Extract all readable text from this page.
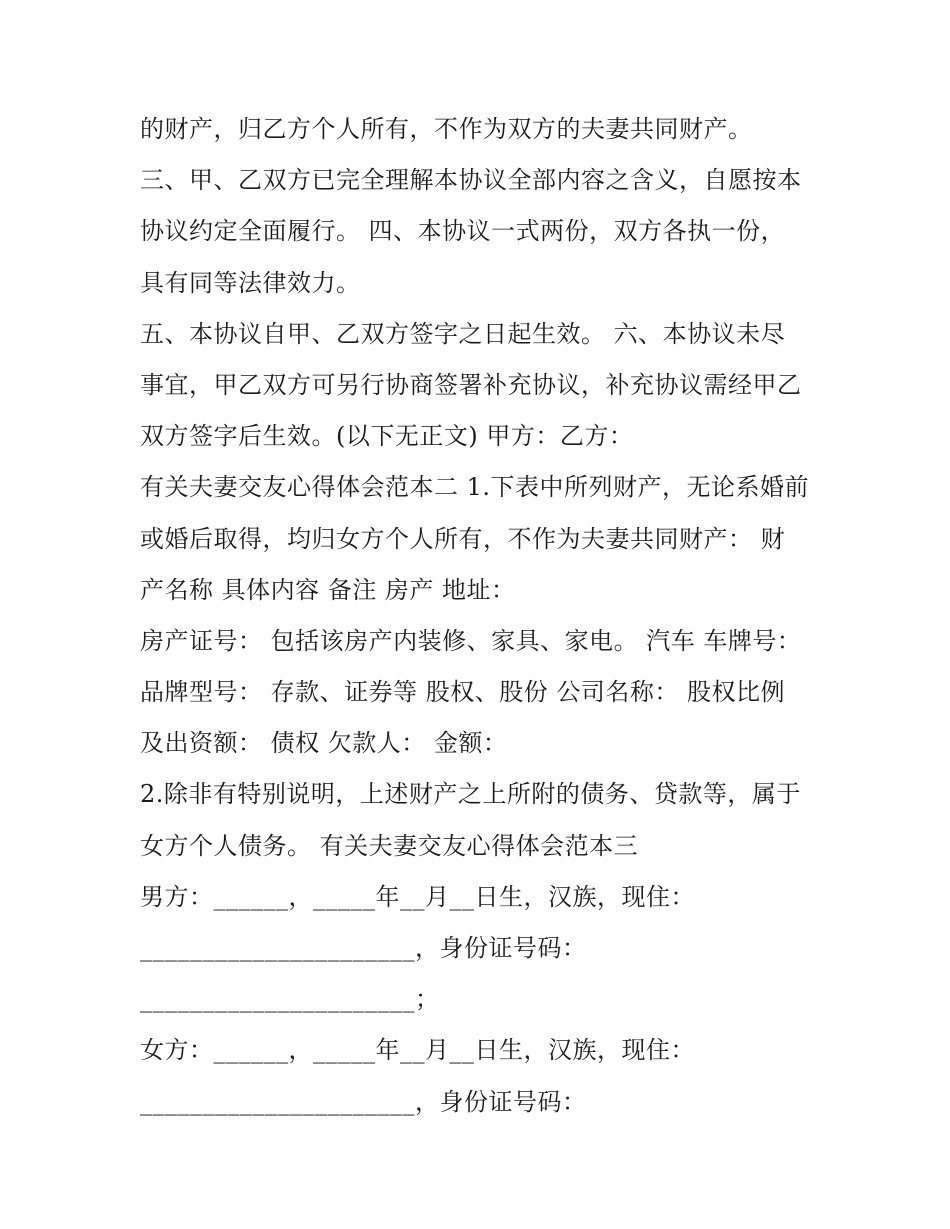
的财产，归乙方个人所有，不作为双方的夫妻共同财产。
三、甲、乙双方已完全理解本协议全部内容之含义，自愿按本
协议约定全面履行。 四、本协议一式两份，双方各执一份，
具有同等法律效力。
五、本协议自甲、乙双方签字之日起生效。 六、本协议未尽
事宜，甲乙双方可另行协商签署补充协议，补充协议需经甲乙
双方签字后生效。(以下无正文) 甲方：乙方：
有关夫妻交友心得体会范本二 1.下表中所列财产，无论系婚前
或婚后取得，均归女方个人所有，不作为夫妻共同财产： 财
产名称 具体内容 备注 房产 地址：
房产证号： 包括该房产内装修、家具、家电。 汽车 车牌号：
品牌型号： 存款、证券等 股权、股份 公司名称： 股权比例
及出资额： 债权 欠款人： 金额：
2.除非有特别说明，上述财产之上所附的债务、贷款等，属于
女方个人债务。 有关夫妻交友心得体会范本三
男方：______，_____年__月__日生，汉族，现住：
______________________，身份证号码：
______________________；
女方：______，_____年__月__日生，汉族，现住：
______________________，身份证号码：
